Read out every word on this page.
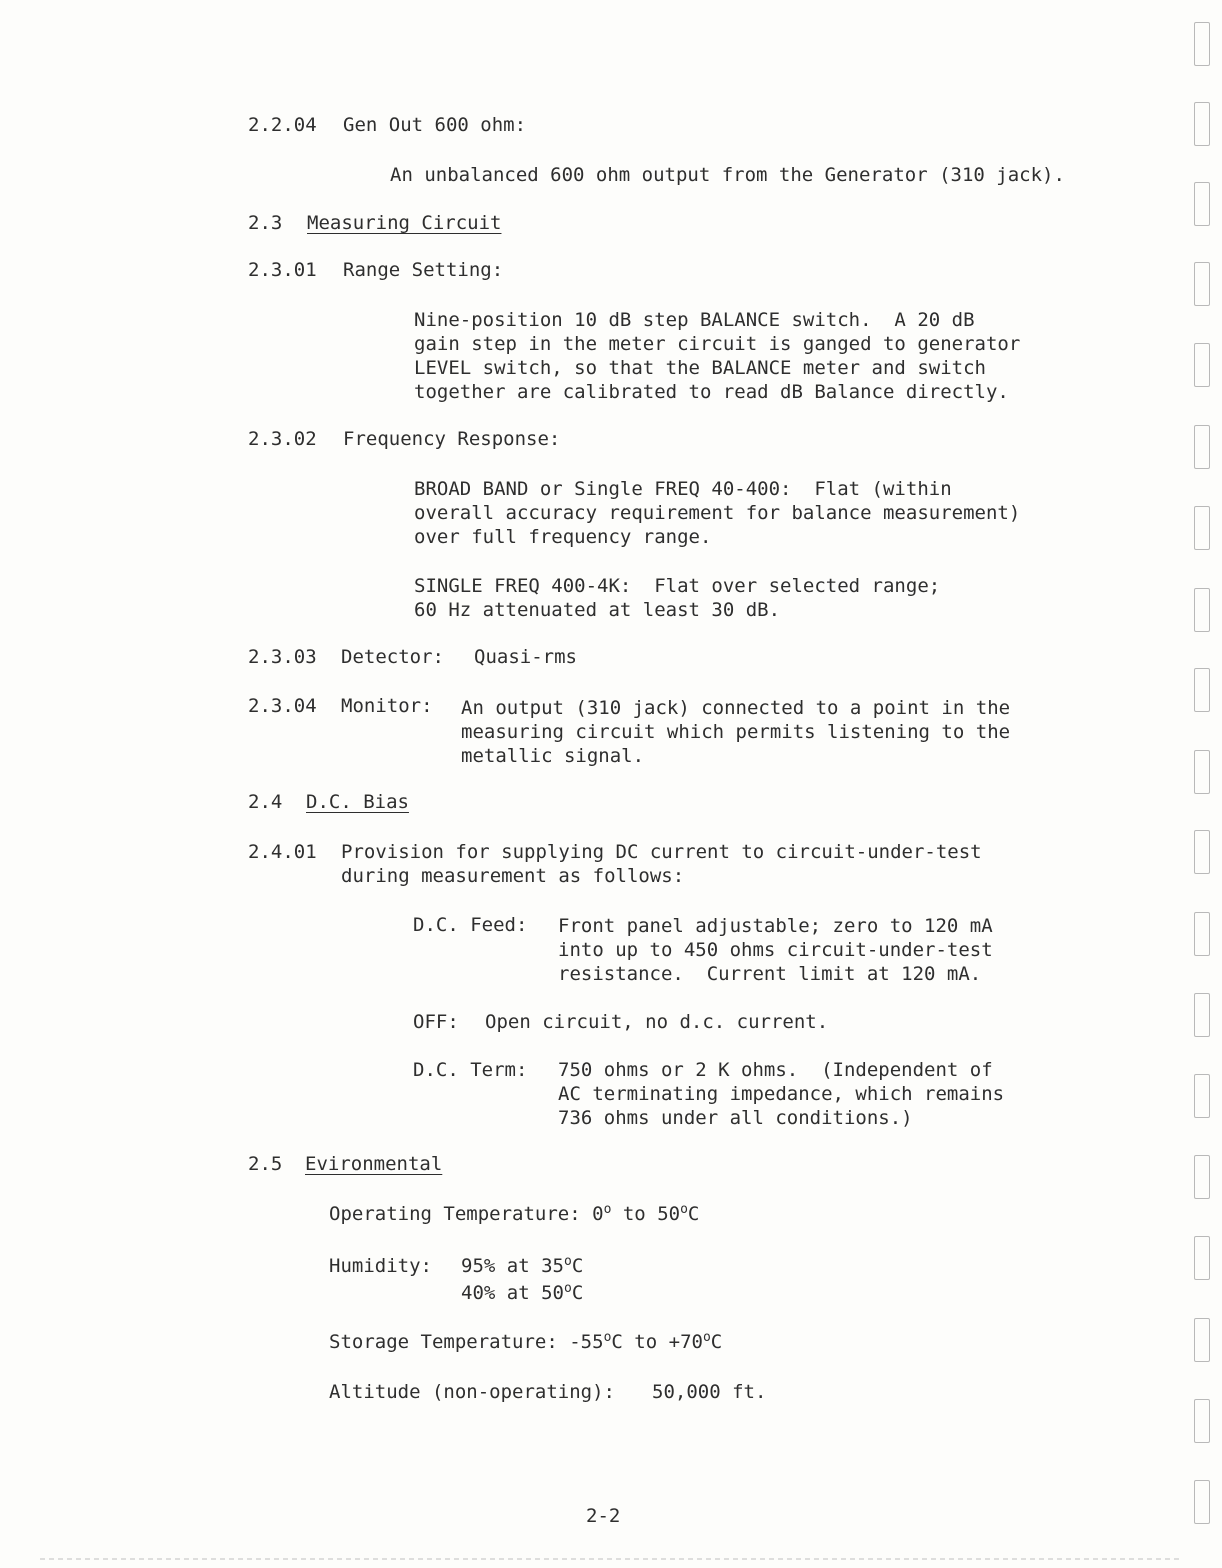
2.2.04 Gen Out 600 ohm:
An unbalanced 600 ohm output from the Generator (310 jack).
2.3 Measuring Circuit
2.3.01 Range Setting:
Nine-position 10 dB step BALANCE switch.  A 20 dB
gain step in the meter circuit is ganged to generator
LEVEL switch, so that the BALANCE meter and switch
together are calibrated to read dB Balance directly.
2.3.02 Frequency Response:
BROAD BAND or Single FREQ 40-400:  Flat (within
overall accuracy requirement for balance measurement)
over full frequency range.
SINGLE FREQ 400-4K:  Flat over selected range;
60 Hz attenuated at least 30 dB.
2.3.03 Detector: Quasi-rms
2.3.04 Monitor: An output (310 jack) connected to a point in the
measuring circuit which permits listening to the
metallic signal.
2.4 D.C. Bias
2.4.01 Provision for supplying DC current to circuit-under-test
during measurement as follows:
D.C. Feed: Front panel adjustable; zero to 120 mA
into up to 450 ohms circuit-under-test
resistance.  Current limit at 120 mA.
OFF: Open circuit, no d.c. current.
D.C. Term: 750 ohms or 2 K ohms.  (Independent of
AC terminating impedance, which remains
736 ohms under all conditions.)
2.5 Evironmental
Operating Temperature: 0$^o$ to 50$^o$C
Humidity: 95% at 35$^o$C
40% at 50$^o$C
Storage Temperature: -55$^o$C to $+70^oC$
Altitude (non-operating): 50,000 ft.
2-2
